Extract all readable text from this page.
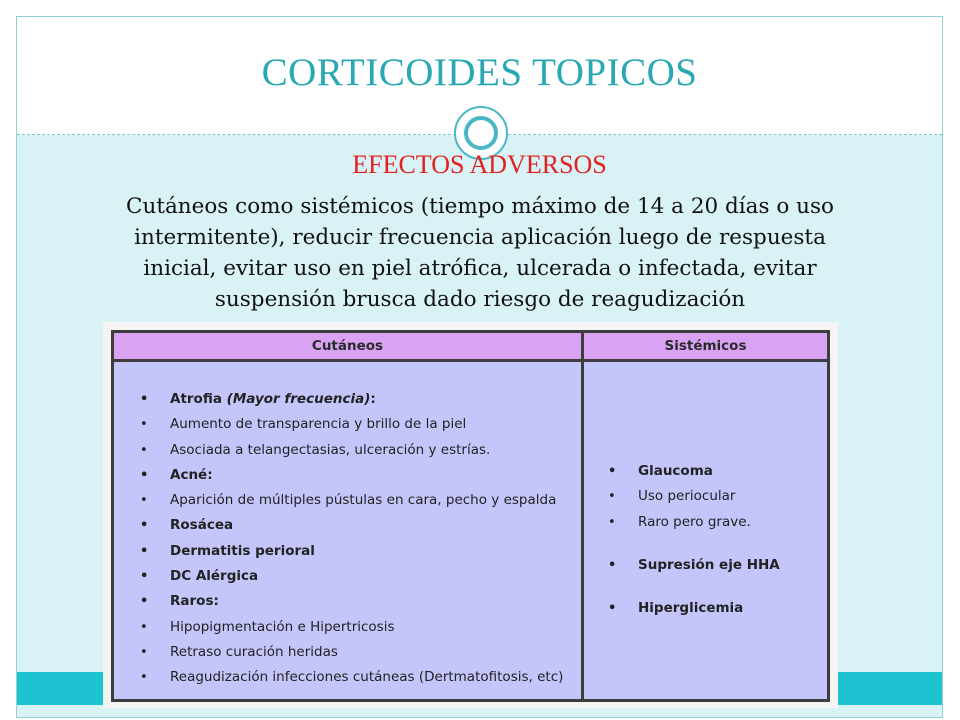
CORTICOIDES TOPICOS
EFECTOS ADVERSOS
Cutáneos como sistémicos (tiempo máximo de 14 a 20 días o uso
intermitente), reducir frecuencia aplicación luego de respuesta
inicial, evitar uso en piel atrófica, ulcerada o infectada, evitar
suspensión brusca dado riesgo de reagudización
Cutáneos	Sistémicos
• Atrofia (Mayor frecuencia):
• Aumento de transparencia y brillo de la piel
• Asociada a telangectasias, ulceración y estrías.
• Acné:
• Aparición de múltiples pústulas en cara, pecho y espalda
• Rosácea
• Dermatitis perioral
• DC Alérgica
• Raros:
• Hipopigmentación e Hipertricosis
• Retraso curación heridas
• Reagudización infecciones cutáneas (Dertmatofitosis, etc)
• Glaucoma
• Uso periocular
• Raro pero grave.
• Supresión eje HHA
• Hiperglicemia
